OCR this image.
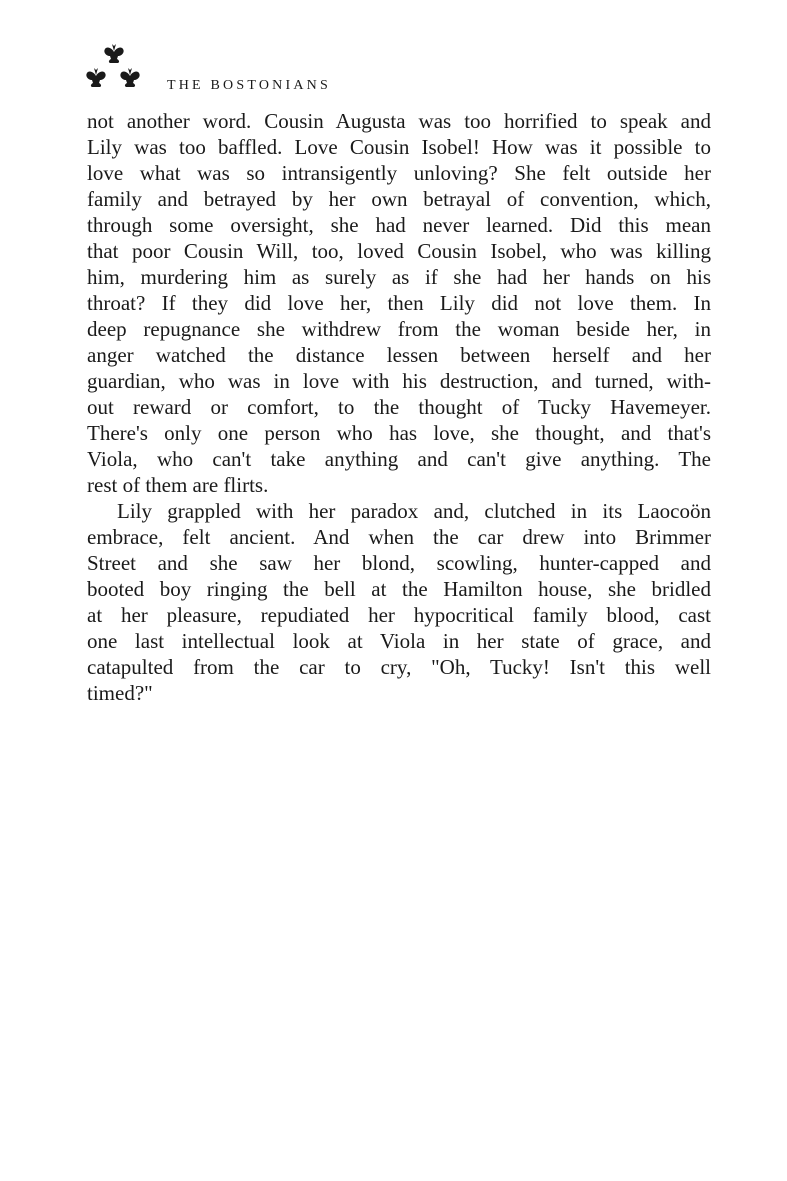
THE BOSTONIANS
not another word. Cousin Augusta was too horrified to speak and
Lily was too baffled. Love Cousin Isobel! How was it possible to
love what was so intransigently unloving? She felt outside her
family and betrayed by her own betrayal of convention, which,
through some oversight, she had never learned. Did this mean
that poor Cousin Will, too, loved Cousin Isobel, who was killing
him, murdering him as surely as if she had her hands on his
throat? If they did love her, then Lily did not love them. In
deep repugnance she withdrew from the woman beside her, in
anger watched the distance lessen between herself and her
guardian, who was in love with his destruction, and turned, with-
out reward or comfort, to the thought of Tucky Havemeyer.
There's only one person who has love, she thought, and that's
Viola, who can't take anything and can't give anything. The
rest of them are flirts.
Lily grappled with her paradox and, clutched in its Laocoön
embrace, felt ancient. And when the car drew into Brimmer
Street and she saw her blond, scowling, hunter-capped and
booted boy ringing the bell at the Hamilton house, she bridled
at her pleasure, repudiated her hypocritical family blood, cast
one last intellectual look at Viola in her state of grace, and
catapulted from the car to cry, "Oh, Tucky! Isn't this well
timed?"
